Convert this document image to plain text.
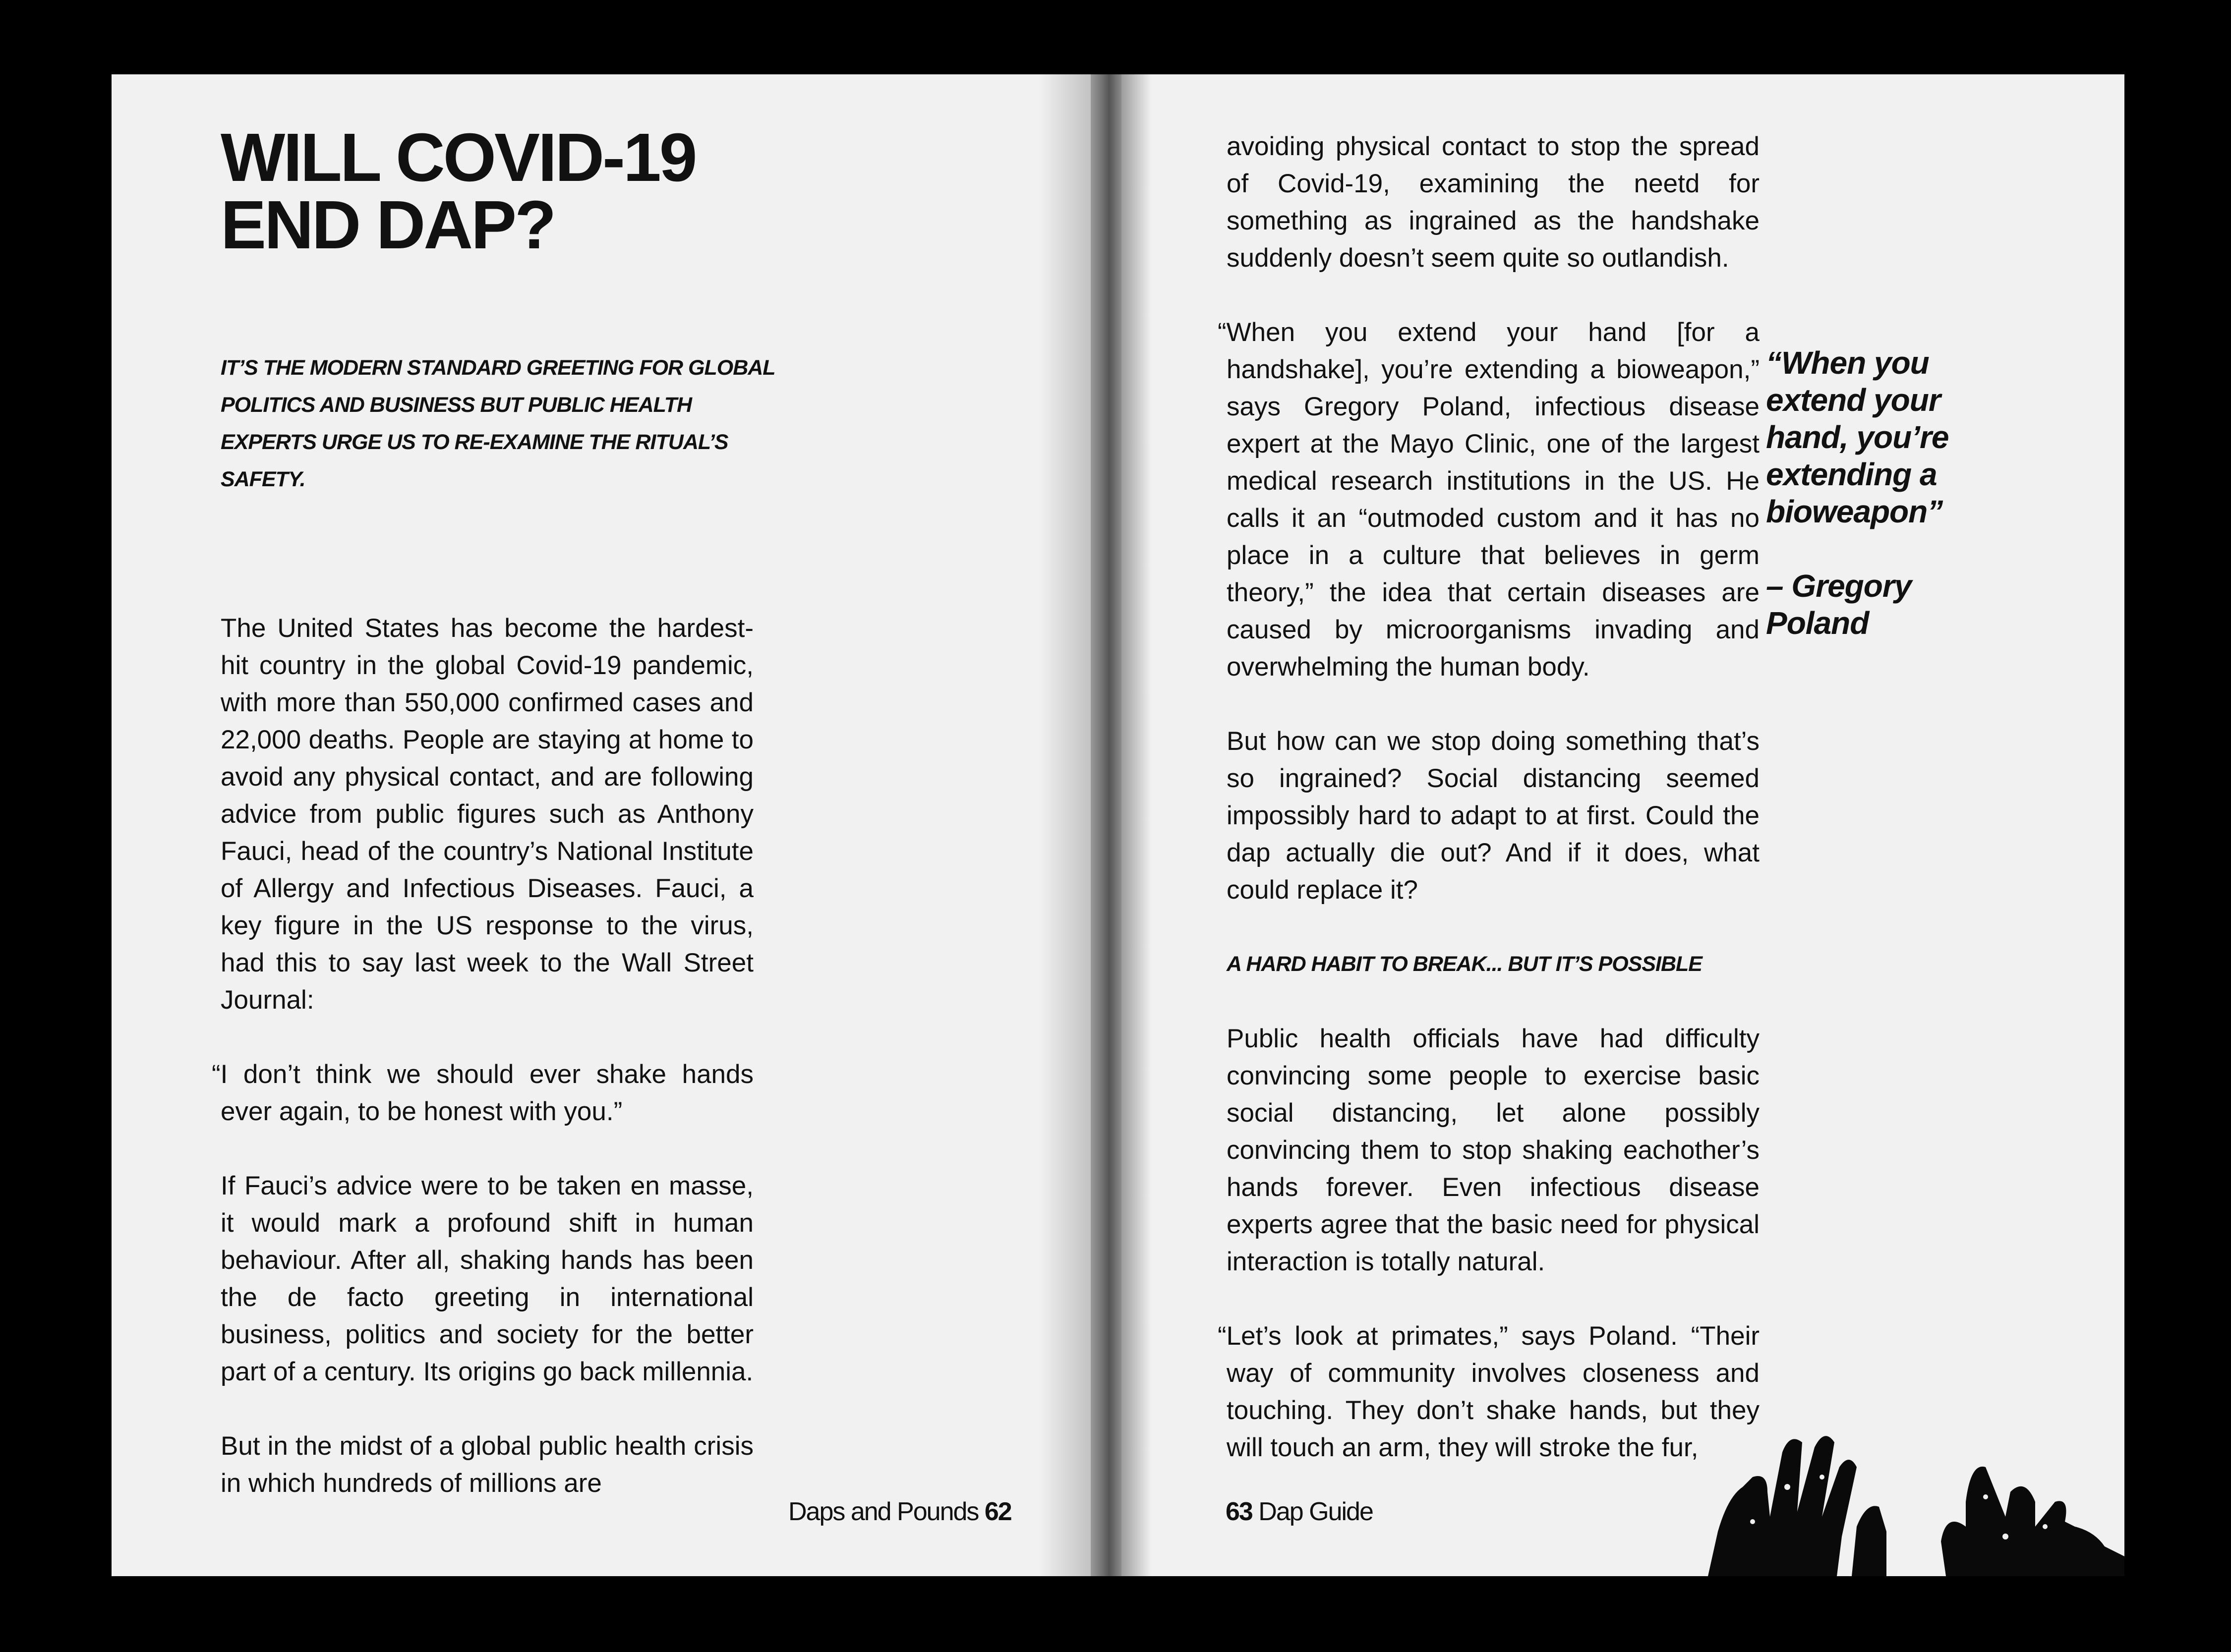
WILL COVID-19
END DAP?
IT’S THE MODERN STANDARD GREETING FOR GLOBAL POLITICS AND BUSINESS BUT PUBLIC HEALTH EXPERTS URGE US TO RE-EXAMINE THE RITUAL’S SAFETY.

The United States has become the hardest-hit country in the global Covid-19 pandemic, with more than 550,000 confirmed cases and 22,000 deaths. People are staying at home to avoid any physical contact, and are following advice from public figures such as Anthony Fauci, head of the country’s National Institute of Allergy and Infectious Diseases. Fauci, a key figure in the US response to the virus, had this to say last week to the Wall Street Journal:

“I don’t think we should ever shake hands ever again, to be honest with you.”

If Fauci’s advice were to be taken en masse, it would mark a profound shift in human behaviour. After all, shaking hands has been the de facto greeting in international business, politics and society for the better part of a century. Its origins go back millennia.

But in the midst of a global public health crisis in which hundreds of millions are

Daps and Pounds 62

avoiding physical contact to stop the spread of Covid-19, examining the neetd for something as ingrained as the handshake suddenly doesn’t seem quite so outlandish.

“When you extend your hand [for a handshake], you’re extending a bioweapon,” says Gregory Poland, infectious disease expert at the Mayo Clinic, one of the largest medical research institutions in the US. He calls it an “outmoded custom and it has no place in a culture that believes in germ theory,” the idea that certain diseases are caused by microorganisms invading and overwhelming the human body.

But how can we stop doing something that’s so ingrained? Social distancing seemed impossibly hard to adapt to at first. Could the dap actually die out? And if it does, what could replace it?

A HARD HABIT TO BREAK... BUT IT’S POSSIBLE

Public health officials have had difficulty convincing some people to exercise basic social distancing, let alone possibly convincing them to stop shaking eachother’s hands forever. Even infectious disease experts agree that the basic need for physical interaction is totally natural.

“Let’s look at primates,” says Poland. “Their way of community involves closeness and touching. They don’t shake hands, but they will touch an arm, they will stroke the fur,

“When you extend your hand, you’re extending a bioweapon”
– Gregory Poland
63 Dap Guide
